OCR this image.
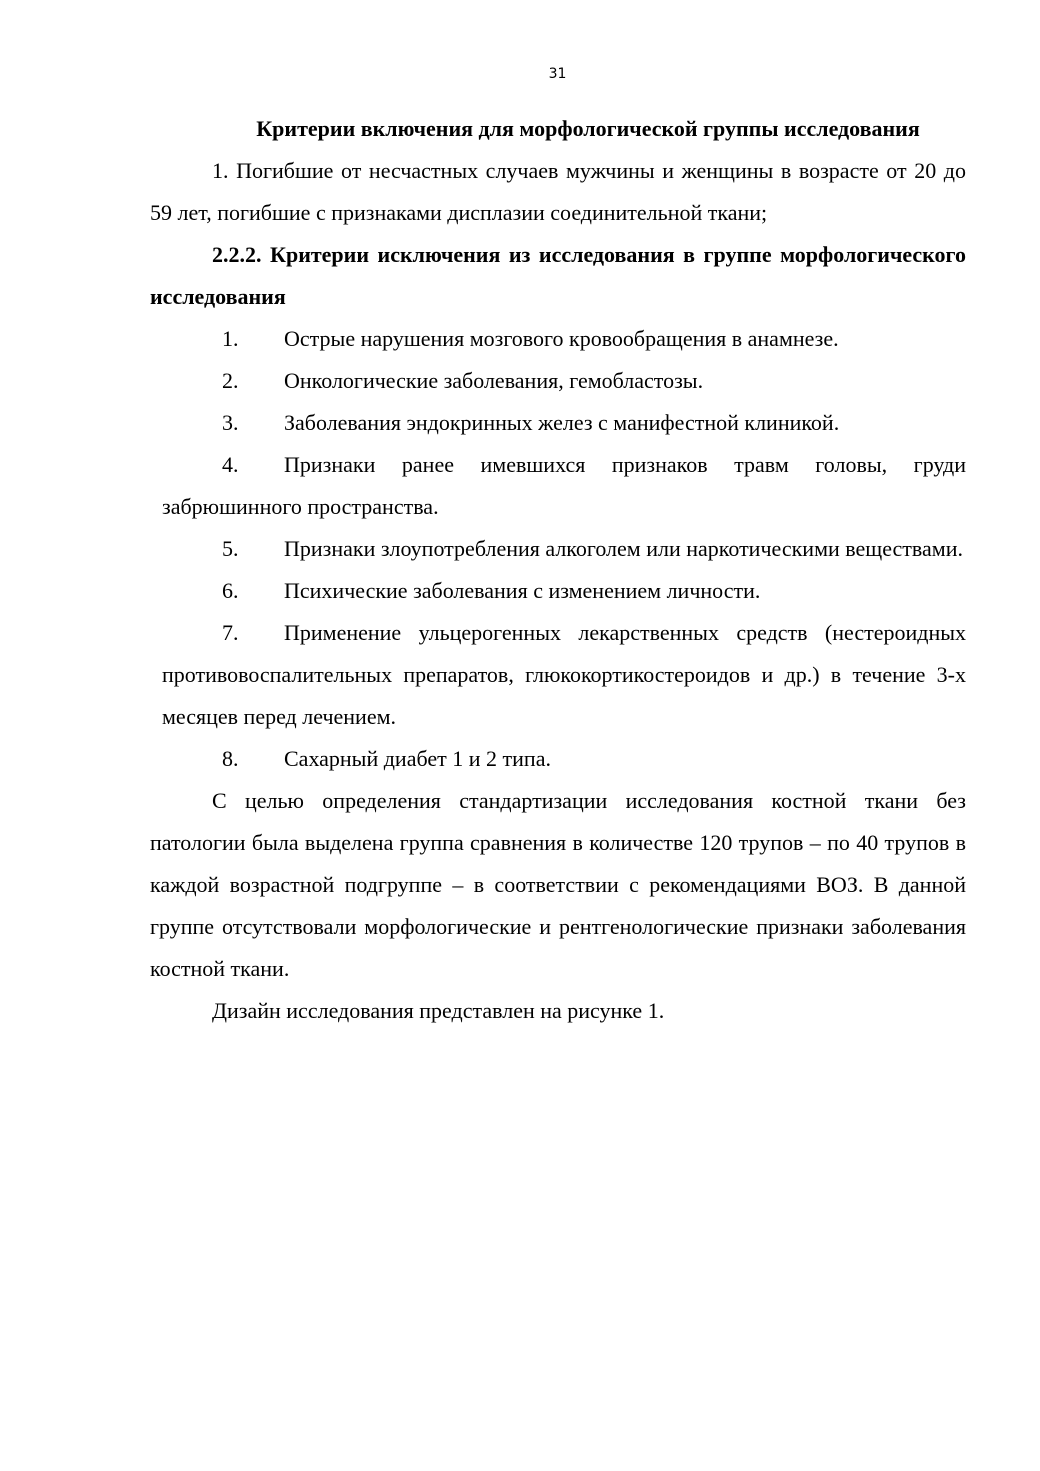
31

Критерии включения для морфологической группы исследования

1. Погибшие от несчастных случаев мужчины и женщины в возрасте от 20 до 59 лет, погибшие с признаками дисплазии соединительной ткани;

2.2.2. Критерии исключения из исследования в группе морфологического исследования

1. Острые нарушения мозгового кровообращения в анамнезе.
2. Онкологические заболевания, гемобластозы.
3. Заболевания эндокринных желез с манифестной клиникой.
4. Признаки ранее имевшихся признаков травм головы, груди забрюшинного пространства.
5. Признаки злоупотребления алкоголем или наркотическими веществами.
6. Психические заболевания с изменением личности.
7. Применение ульцерогенных лекарственных средств (нестероидных противовоспалительных препаратов, глюкокортикостероидов и др.) в течение 3-х месяцев перед лечением.
8. Сахарный диабет 1 и 2 типа.

С целью определения стандартизации исследования костной ткани без патологии была выделена группа сравнения в количестве 120 трупов – по 40 трупов в каждой возрастной подгруппе – в соответствии с рекомендациями ВОЗ. В данной группе отсутствовали морфологические и рентгенологические признаки заболевания костной ткани.

Дизайн исследования представлен на рисунке 1.
